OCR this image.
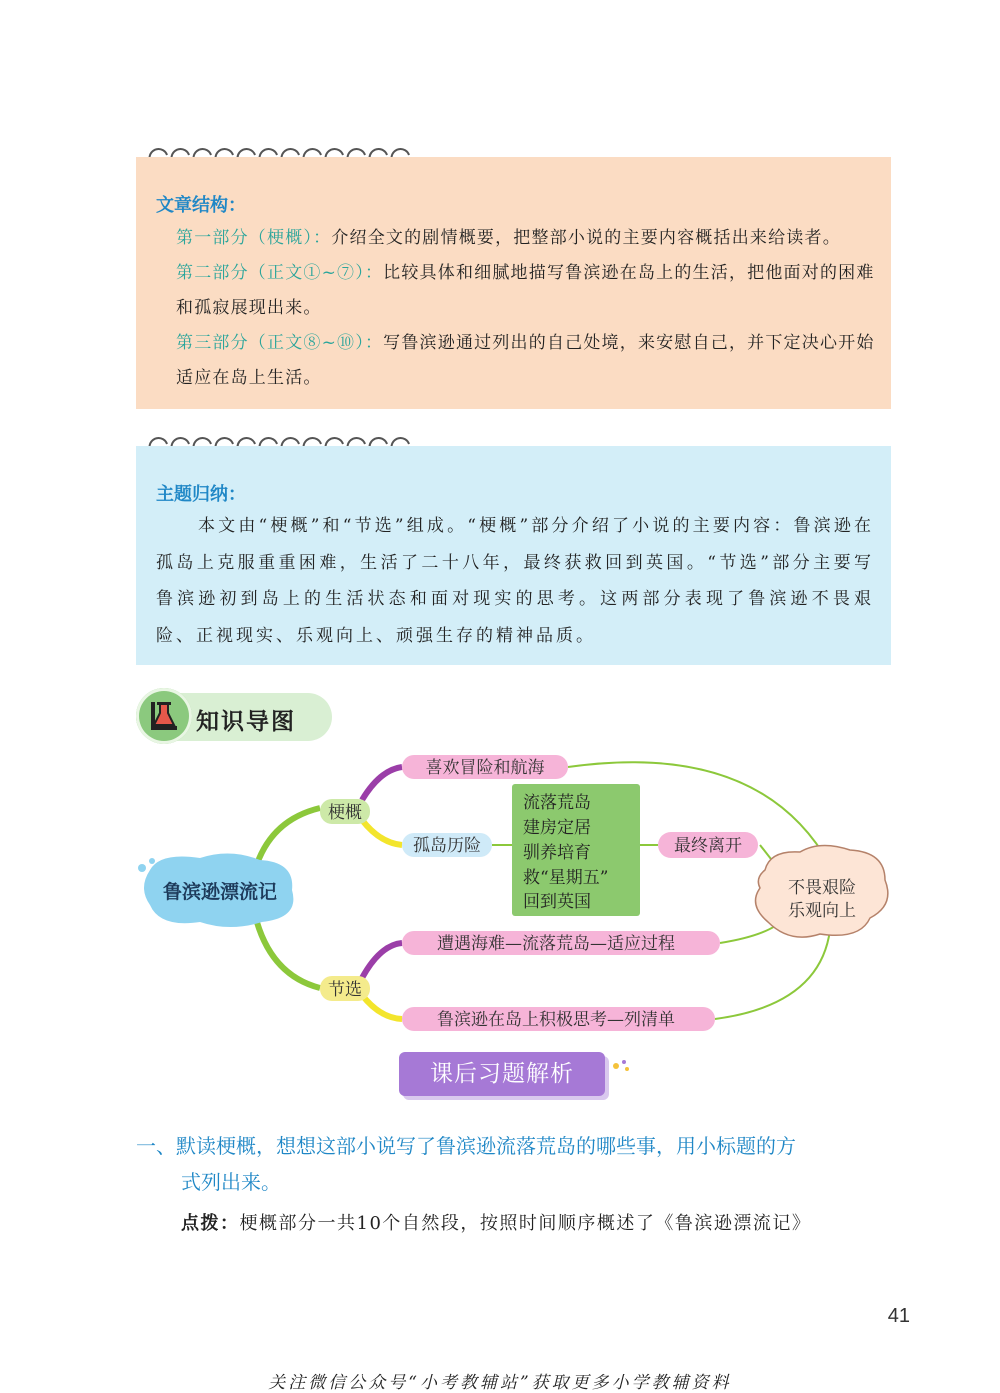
文章结构：
第一部分（梗概）：介绍全文的剧情概要，把整部小说的主要内容概括出来给读者。
第二部分（正文①~⑦）：比较具体和细腻地描写鲁滨逊在岛上的生活，把他面对的困难和孤寂展现出来。
第三部分（正文⑧~⑩）：写鲁滨逊通过列出的自己处境，来安慰自己，并下定决心开始适应在岛上生活。
主题归纳：
本文由“梗概”和“节选”组成。“梗概”部分介绍了小说的主要内容：鲁滨逊在孤岛上克服重重困难，生活了二十八年，最终获救回到英国。“节选”部分主要写鲁滨逊初到岛上的生活状态和面对现实的思考。这两部分表现了鲁滨逊不畏艰险、正视现实、乐观向上、顽强生存的精神品质。
知识导图
鲁滨逊漂流记
梗概
节选
喜欢冒险和航海
孤岛历险
遭遇海难—流落荒岛—适应过程
鲁滨逊在岛上积极思考—列清单
流落荒岛
建房定居
驯养培育
救“星期五”
回到英国
最终离开
不畏艰险
乐观向上
课后习题解析
一、默读梗概，想想这部小说写了鲁滨逊流落荒岛的哪些事，用小标题的方
式列出来。
点拨：梗概部分一共10个自然段，按照时间顺序概述了《鲁滨逊漂流记》
41
关注微信公众号“小考教辅站”获取更多小学教辅资料
